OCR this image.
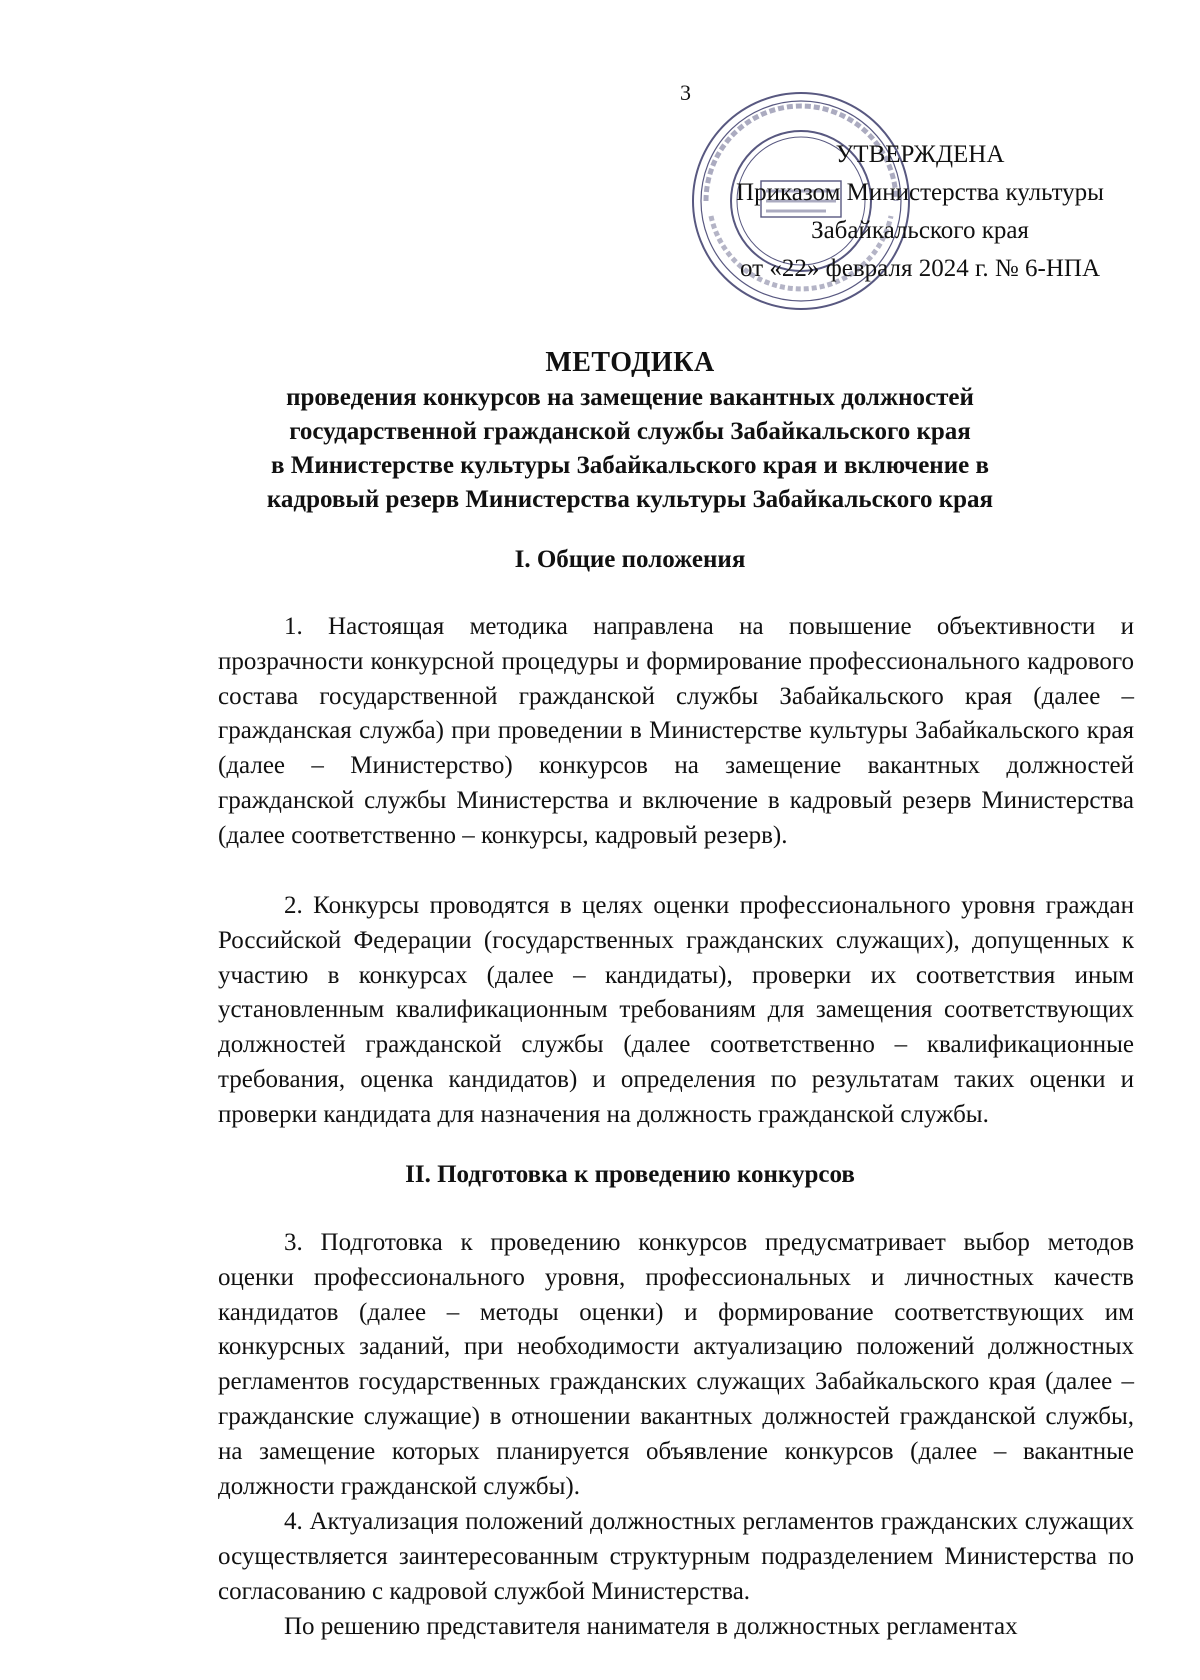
3
УТВЕРЖДЕНА
Приказом Министерства культуры
Забайкальского края
от «22» февраля 2024 г. № 6-НПА
МЕТОДИКА
проведения конкурсов на замещение вакантных должностей
государственной гражданской службы Забайкальского края
в Министерстве культуры Забайкальского края и включение в
кадровый резерв Министерства культуры Забайкальского края
I. Общие положения

1. Настоящая методика направлена на повышение объективности и прозрачности конкурсной процедуры и формирование профессионального кадрового состава государственной гражданской службы Забайкальского края (далее – гражданская служба) при проведении в Министерстве культуры Забайкальского края (далее – Министерство) конкурсов на замещение вакантных должностей гражданской службы Министерства и включение в кадровый резерв Министерства (далее соответственно – конкурсы, кадровый резерв).

2. Конкурсы проводятся в целях оценки профессионального уровня граждан Российской Федерации (государственных гражданских служащих), допущенных к участию в конкурсах (далее – кандидаты), проверки их соответствия иным установленным квалификационным требованиям для замещения соответствующих должностей гражданской службы (далее соответственно – квалификационные требования, оценка кандидатов) и определения по результатам таких оценки и проверки кандидата для назначения на должность гражданской службы.

II. Подготовка к проведению конкурсов

3. Подготовка к проведению конкурсов предусматривает выбор методов оценки профессионального уровня, профессиональных и личностных качеств кандидатов (далее – методы оценки) и формирование соответствующих им конкурсных заданий, при необходимости актуализацию положений должностных регламентов государственных гражданских служащих Забайкальского края (далее – гражданские служащие) в отношении вакантных должностей гражданской службы, на замещение которых планируется объявление конкурсов (далее – вакантные должности гражданской службы).

4. Актуализация положений должностных регламентов гражданских служащих осуществляется заинтересованным структурным подразделением Министерства по согласованию с кадровой службой Министерства.

По решению представителя нанимателя в должностных регламентах
